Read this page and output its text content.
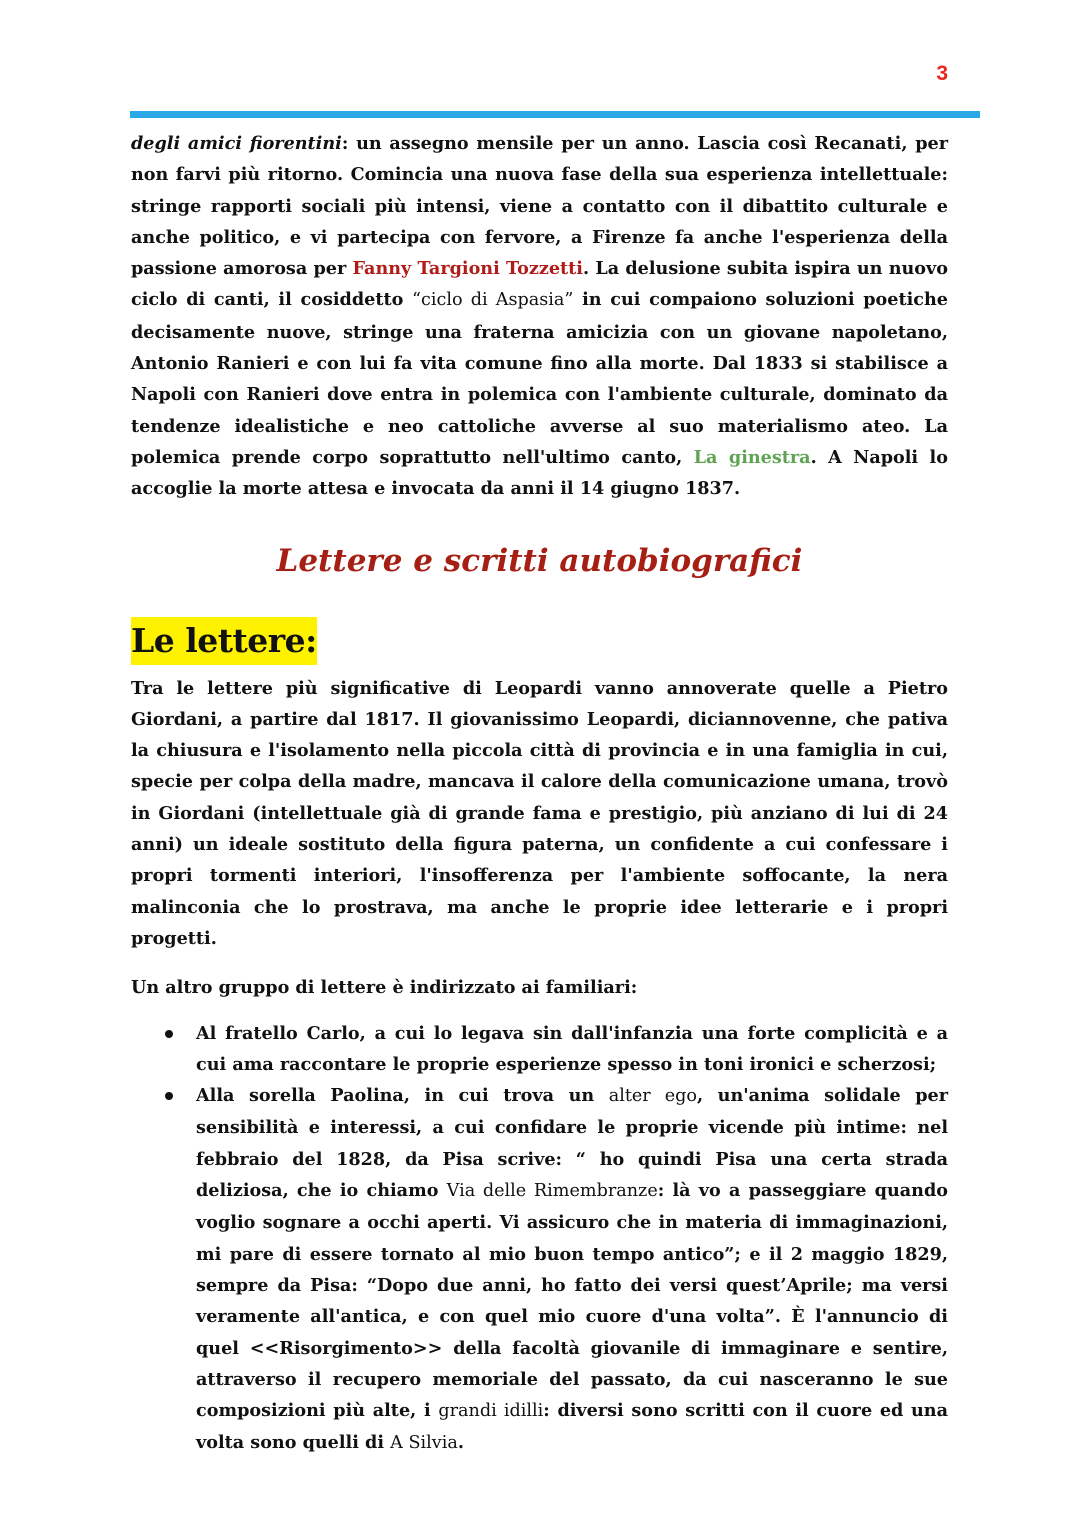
3

degli amici fiorentini: un assegno mensile per un anno. Lascia così Recanati, per non farvi più ritorno. Comincia una nuova fase della sua esperienza intellettuale: stringe rapporti sociali più intensi, viene a contatto con il dibattito culturale e anche politico, e vi partecipa con fervore, a Firenze fa anche l'esperienza della passione amorosa per Fanny Targioni Tozzetti. La delusione subita ispira un nuovo ciclo di canti, il cosiddetto “ciclo di Aspasia” in cui compaiono soluzioni poetiche decisamente nuove, stringe una fraterna amicizia con un giovane napoletano, Antonio Ranieri e con lui fa vita comune fino alla morte. Dal 1833 si stabilisce a Napoli con Ranieri dove entra in polemica con l'ambiente culturale, dominato da tendenze idealistiche e neo cattoliche avverse al suo materialismo ateo. La polemica prende corpo soprattutto nell'ultimo canto, La ginestra. A Napoli lo accoglie la morte attesa e invocata da anni il 14 giugno 1837.

Lettere e scritti autobiografici
Le lettere:

Tra le lettere più significative di Leopardi vanno annoverate quelle a Pietro Giordani, a partire dal 1817. Il giovanissimo Leopardi, diciannovenne, che pativa la chiusura e l'isolamento nella piccola città di provincia e in una famiglia in cui, specie per colpa della madre, mancava il calore della comunicazione umana, trovò in Giordani (intellettuale già di grande fama e prestigio, più anziano di lui di 24 anni) un ideale sostituto della figura paterna, un confidente a cui confessare i propri tormenti interiori, l'insofferenza per l'ambiente soffocante, la nera malinconia che lo prostrava, ma anche le proprie idee letterarie e i propri progetti.

Un altro gruppo di lettere è indirizzato ai familiari:

Al fratello Carlo, a cui lo legava sin dall'infanzia una forte complicità e a cui ama raccontare le proprie esperienze spesso in toni ironici e scherzosi;
Alla sorella Paolina, in cui trova un alter ego, un'anima solidale per sensibilità e interessi, a cui confidare le proprie vicende più intime: nel febbraio del 1828, da Pisa scrive: “ ho quindi Pisa una certa strada deliziosa, che io chiamo Via delle Rimembranze: là vo a passeggiare quando voglio sognare a occhi aperti. Vi assicuro che in materia di immaginazioni, mi pare di essere tornato al mio buon tempo antico”; e il 2 maggio 1829, sempre da Pisa: “Dopo due anni, ho fatto dei versi quest’Aprile; ma versi veramente all'antica, e con quel mio cuore d'una volta”. È l'annuncio di quel <<Risorgimento>> della facoltà giovanile di immaginare e sentire, attraverso il recupero memoriale del passato, da cui nasceranno le sue composizioni più alte, i grandi idilli: diversi sono scritti con il cuore ed una volta sono quelli di A Silvia.
